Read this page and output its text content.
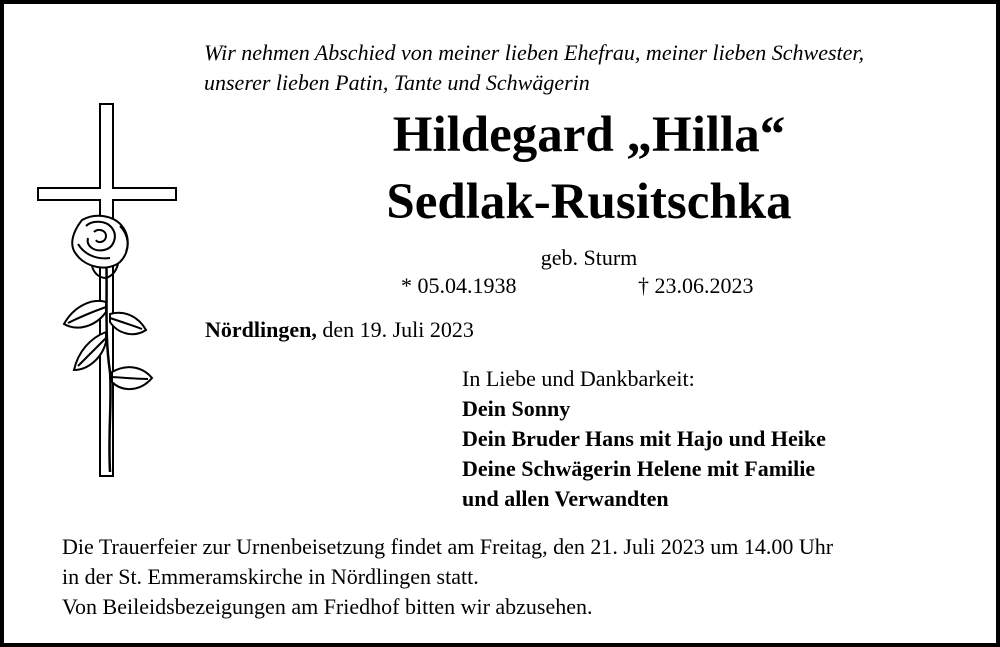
Wir nehmen Abschied von meiner lieben Ehefrau, meiner lieben Schwester,
unserer lieben Patin, Tante und Schwägerin
Hildegard „Hilla“
Sedlak-Rusitschka
geb. Sturm
* 05.04.1938	† 23.06.2023
Nördlingen, den 19. Juli 2023
In Liebe und Dankbarkeit:
Dein Sonny
Dein Bruder Hans mit Hajo und Heike
Deine Schwägerin Helene mit Familie
und allen Verwandten
Die Trauerfeier zur Urnenbeisetzung findet am Freitag, den 21. Juli 2023 um 14.00 Uhr
in der St. Emmeramskirche in Nördlingen statt.
Von Beileidsbezeigungen am Friedhof bitten wir abzusehen.
